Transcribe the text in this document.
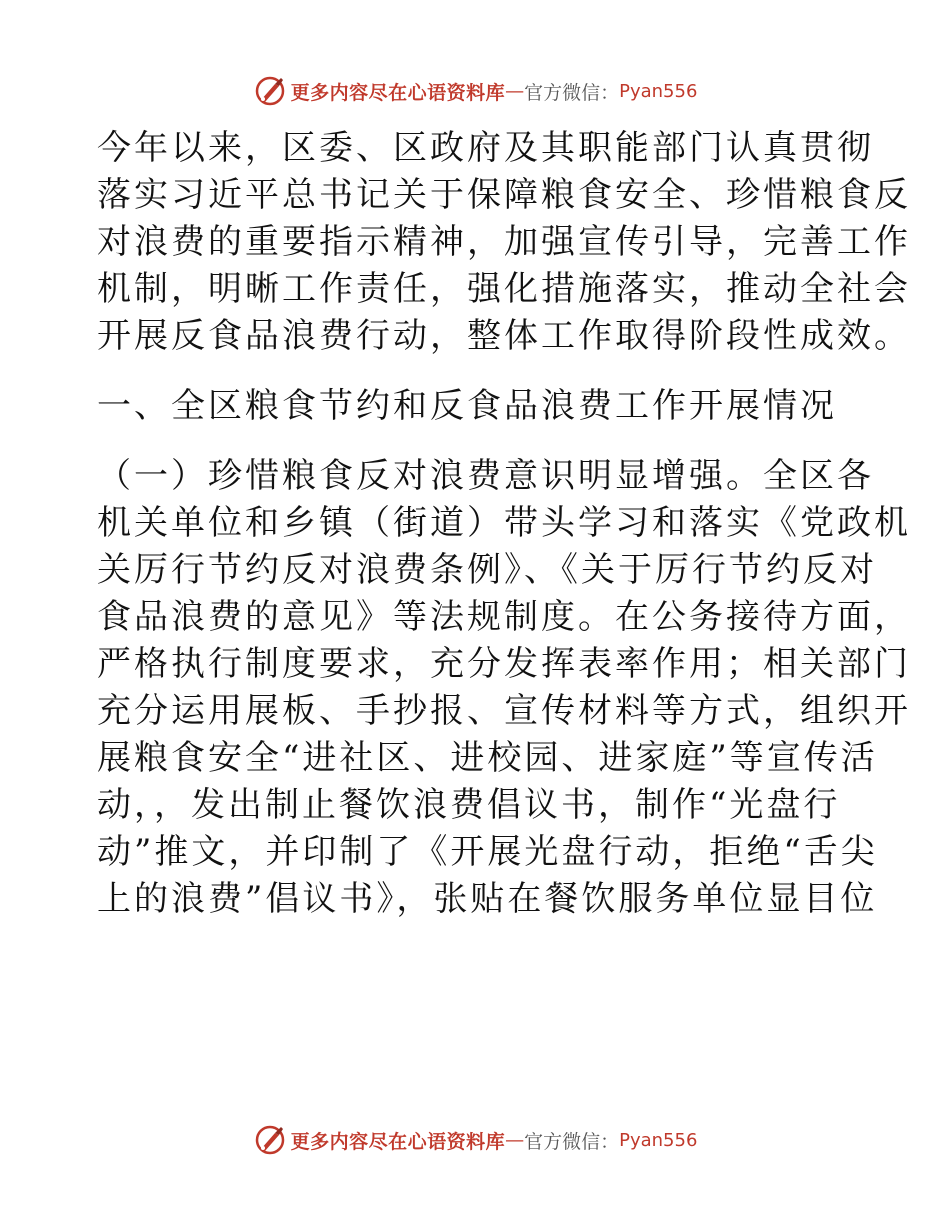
更多内容尽在心语资料库 — 官方微信： Pyan556
今年以来，区委、区政府及其职能部门认真贯彻
落实习近平总书记关于保障粮食安全、珍惜粮食反
对浪费的重要指示精神，加强宣传引导，完善工作
机制，明晰工作责任，强化措施落实，推动全社会
开展反食品浪费行动，整体工作取得阶段性成效。
一、全区粮食节约和反食品浪费工作开展情况
（一）珍惜粮食反对浪费意识明显增强。全区各
机关单位和乡镇（街道）带头学习和落实《党政机
关厉行节约反对浪费条例》、《关于厉行节约反对
食品浪费的意见》等法规制度。在公务接待方面，
严格执行制度要求，充分发挥表率作用；相关部门
充分运用展板、手抄报、宣传材料等方式，组织开
展粮食安全“进社区、进校园、进家庭”等宣传活
动，，发出制止餐饮浪费倡议书，制作“光盘行
动”推文，并印制了《开展光盘行动，拒绝“舌尖
上的浪费”倡议书》，张贴在餐饮服务单位显目位
更多内容尽在心语资料库 — 官方微信： Pyan556
